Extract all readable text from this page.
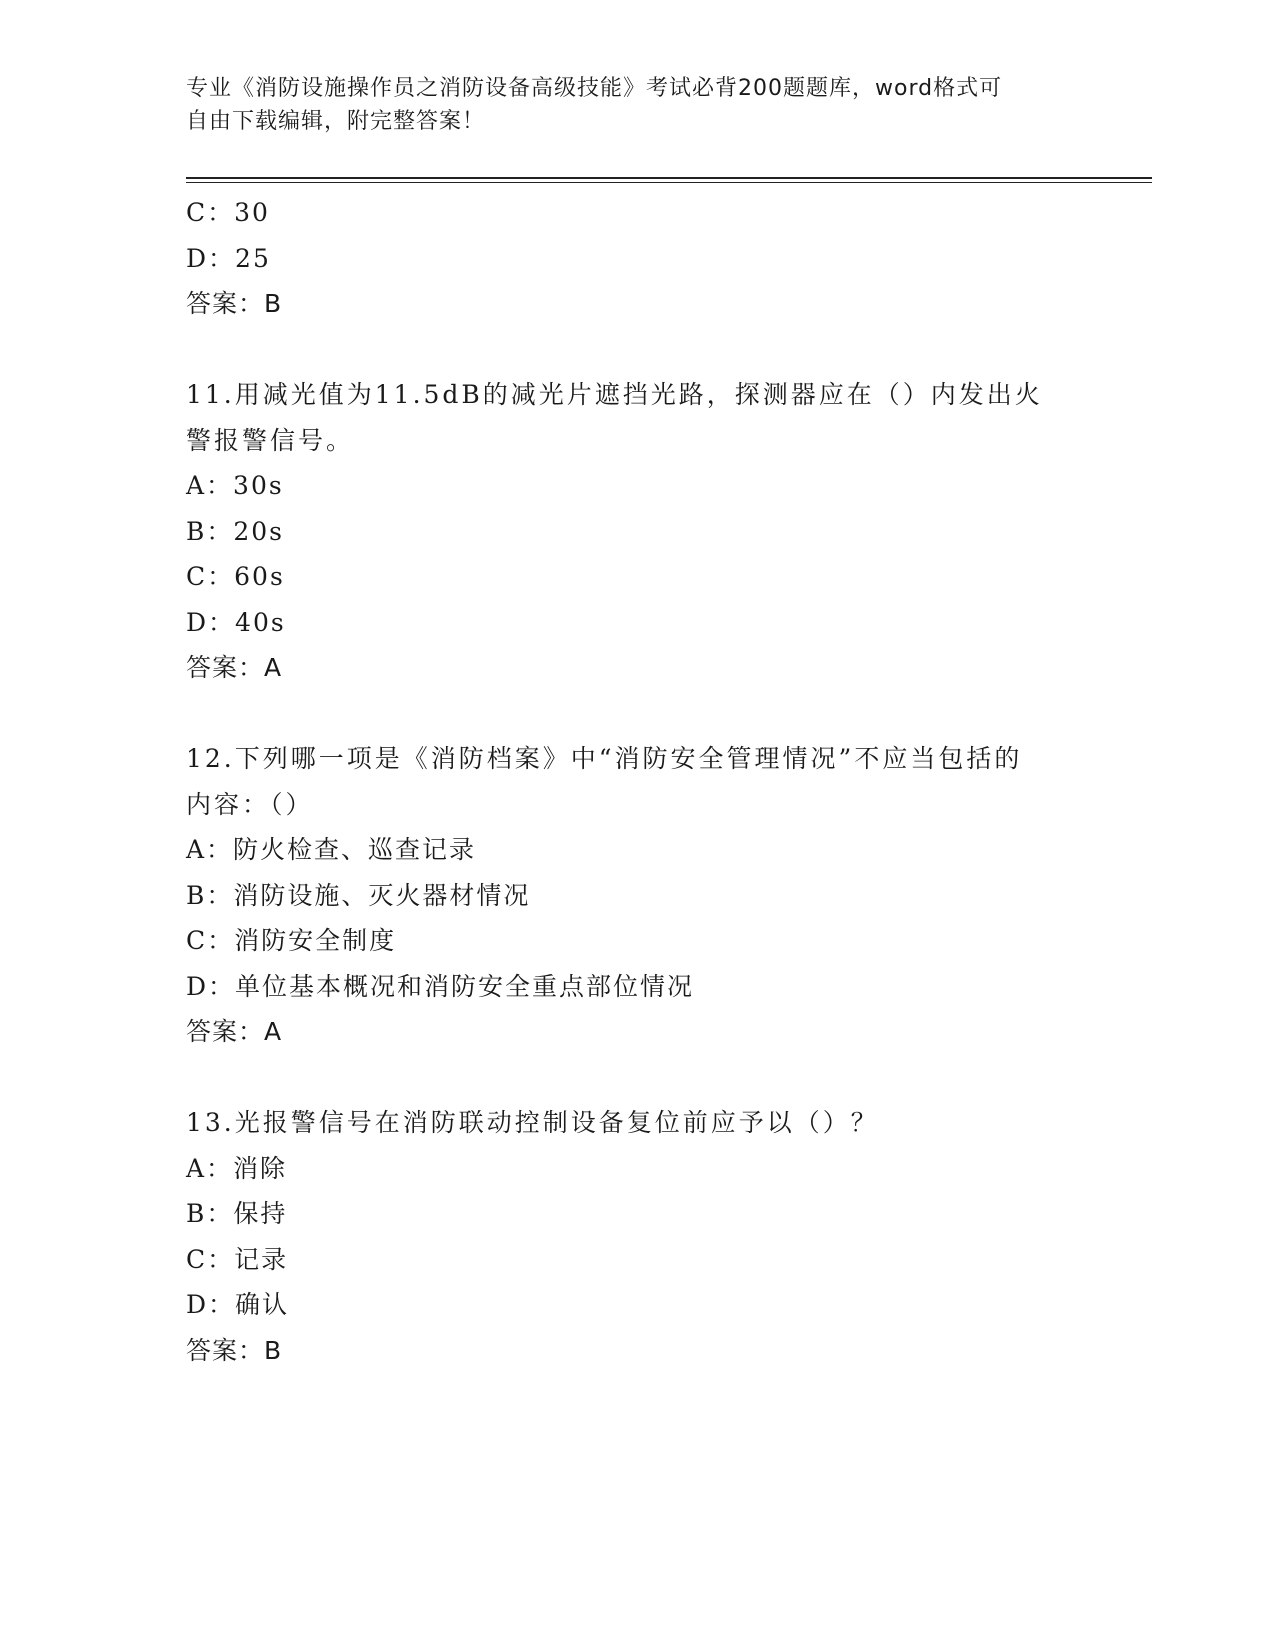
专业《消防设施操作员之消防设备高级技能》考试必背200题题库，word格式可
自由下载编辑，附完整答案！
C：30
D：25
答案：B
11.用减光值为11.5dB的减光片遮挡光路，探测器应在（）内发出火
警报警信号。
A：30s
B：20s
C：60s
D：40s
答案：A
12.下列哪一项是《消防档案》中“消防安全管理情况”不应当包括的
内容：（）
A：防火检查、巡查记录
B：消防设施、灭火器材情况
C：消防安全制度
D：单位基本概况和消防安全重点部位情况
答案：A
13.光报警信号在消防联动控制设备复位前应予以（）？
A：消除
B：保持
C：记录
D：确认
答案：B
